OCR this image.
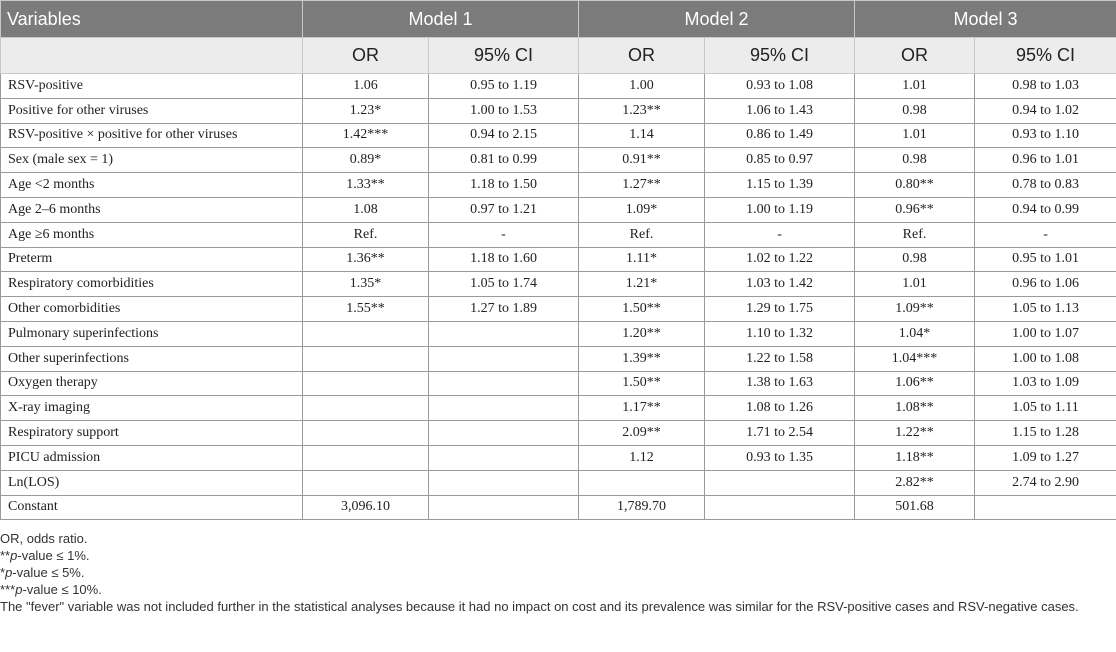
Variables	Model 1		Model 2		Model 3	
	OR	95% CI	OR	95% CI	OR	95% CI
RSV-positive	1.06	0.95 to 1.19	1.00	0.93 to 1.08	1.01	0.98 to 1.03
Positive for other viruses	1.23*	1.00 to 1.53	1.23**	1.06 to 1.43	0.98	0.94 to 1.02
RSV-positive × positive for other viruses	1.42***	0.94 to 2.15	1.14	0.86 to 1.49	1.01	0.93 to 1.10
Sex (male sex = 1)	0.89*	0.81 to 0.99	0.91**	0.85 to 0.97	0.98	0.96 to 1.01
Age <2 months	1.33**	1.18 to 1.50	1.27**	1.15 to 1.39	0.80**	0.78 to 0.83
Age 2–6 months	1.08	0.97 to 1.21	1.09*	1.00 to 1.19	0.96**	0.94 to 0.99
Age ≥6 months	Ref.	-	Ref.	-	Ref.	-
Preterm	1.36**	1.18 to 1.60	1.11*	1.02 to 1.22	0.98	0.95 to 1.01
Respiratory comorbidities	1.35*	1.05 to 1.74	1.21*	1.03 to 1.42	1.01	0.96 to 1.06
Other comorbidities	1.55**	1.27 to 1.89	1.50**	1.29 to 1.75	1.09**	1.05 to 1.13
Pulmonary superinfections			1.20**	1.10 to 1.32	1.04*	1.00 to 1.07
Other superinfections			1.39**	1.22 to 1.58	1.04***	1.00 to 1.08
Oxygen therapy			1.50**	1.38 to 1.63	1.06**	1.03 to 1.09
X-ray imaging			1.17**	1.08 to 1.26	1.08**	1.05 to 1.11
Respiratory support			2.09**	1.71 to 2.54	1.22**	1.15 to 1.28
PICU admission			1.12	0.93 to 1.35	1.18**	1.09 to 1.27
Ln(LOS)					2.82**	2.74 to 2.90
Constant	3,096.10		1,789.70		501.68	
OR, odds ratio.
**p-value ≤ 1%.
*p-value ≤ 5%.
***p-value ≤ 10%.
The "fever" variable was not included further in the statistical analyses because it had no impact on cost and its prevalence was similar for the RSV-positive cases and RSV-negative cases.
